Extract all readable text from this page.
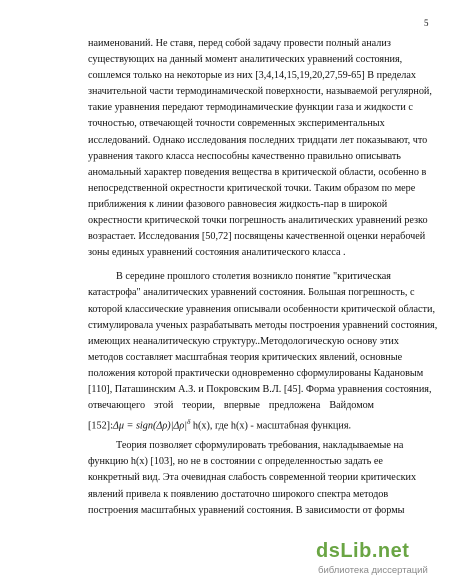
5
наименований. Не ставя, перед собой задачу провести полный анализ
существующих на данный момент аналитических уравнений состояния,
сошлемся только на некоторые из них [3,4,14,15,19,20,27,59-65] В пределах
значительной части термодинамической поверхности, называемой регулярной,
такие уравнения передают термодинамические функции газа и жидкости с
точностью, отвечающей точности современных экспериментальных
исследований. Однако исследования последних тридцати лет показывают, что
уравнения такого класса неспособны качественно правильно описывать
аномальный характер поведения вещества в критической области, особенно в
непосредственной окрестности критической точки. Таким образом по мере
приближения к линии фазового равновесия жидкость-пар в широкой
окрестности критической точки погрешность аналитических уравнений резко
возрастает. Исследования [50,72] посвящены качественной оценки нерабочей
зоны единых уравнений состояния аналитического класса .
В середине прошлого столетия возникло понятие "критическая
катастрофа" аналитических уравнений состояния. Большая погрешность, с
которой классические уравнения описывали особенности критической области,
стимулировала ученых разрабатывать методы построения уравнений состояния,
имеющих неаналитическую структуру..Методологическую основу этих
методов составляет масштабная теория критических явлений, основные
положения которой практически одновременно сформулированы Кадановым
[110], Паташинским А.З. и Покровским В.Л. [45]. Форма уравнения состояния,
отвечающего этой теории, впервые предложена Вайдомом
[152]:Δμ = $sign(\Delta\rho)|\Delta\rho|^\delta$ h(x), где h(x) - масштабная функция.
Теория позволяет сформулировать требования, накладываемые на
функцию h(x) [103], но не в состоянии с определенностью задать ее
конкретный вид. Эта очевидная слабость современной теории критических
явлений привела к появлению достаточно широкого спектра методов
построения масштабных уравнений состояния. В зависимости от формы
dsLib.net
библиотека диссертаций
